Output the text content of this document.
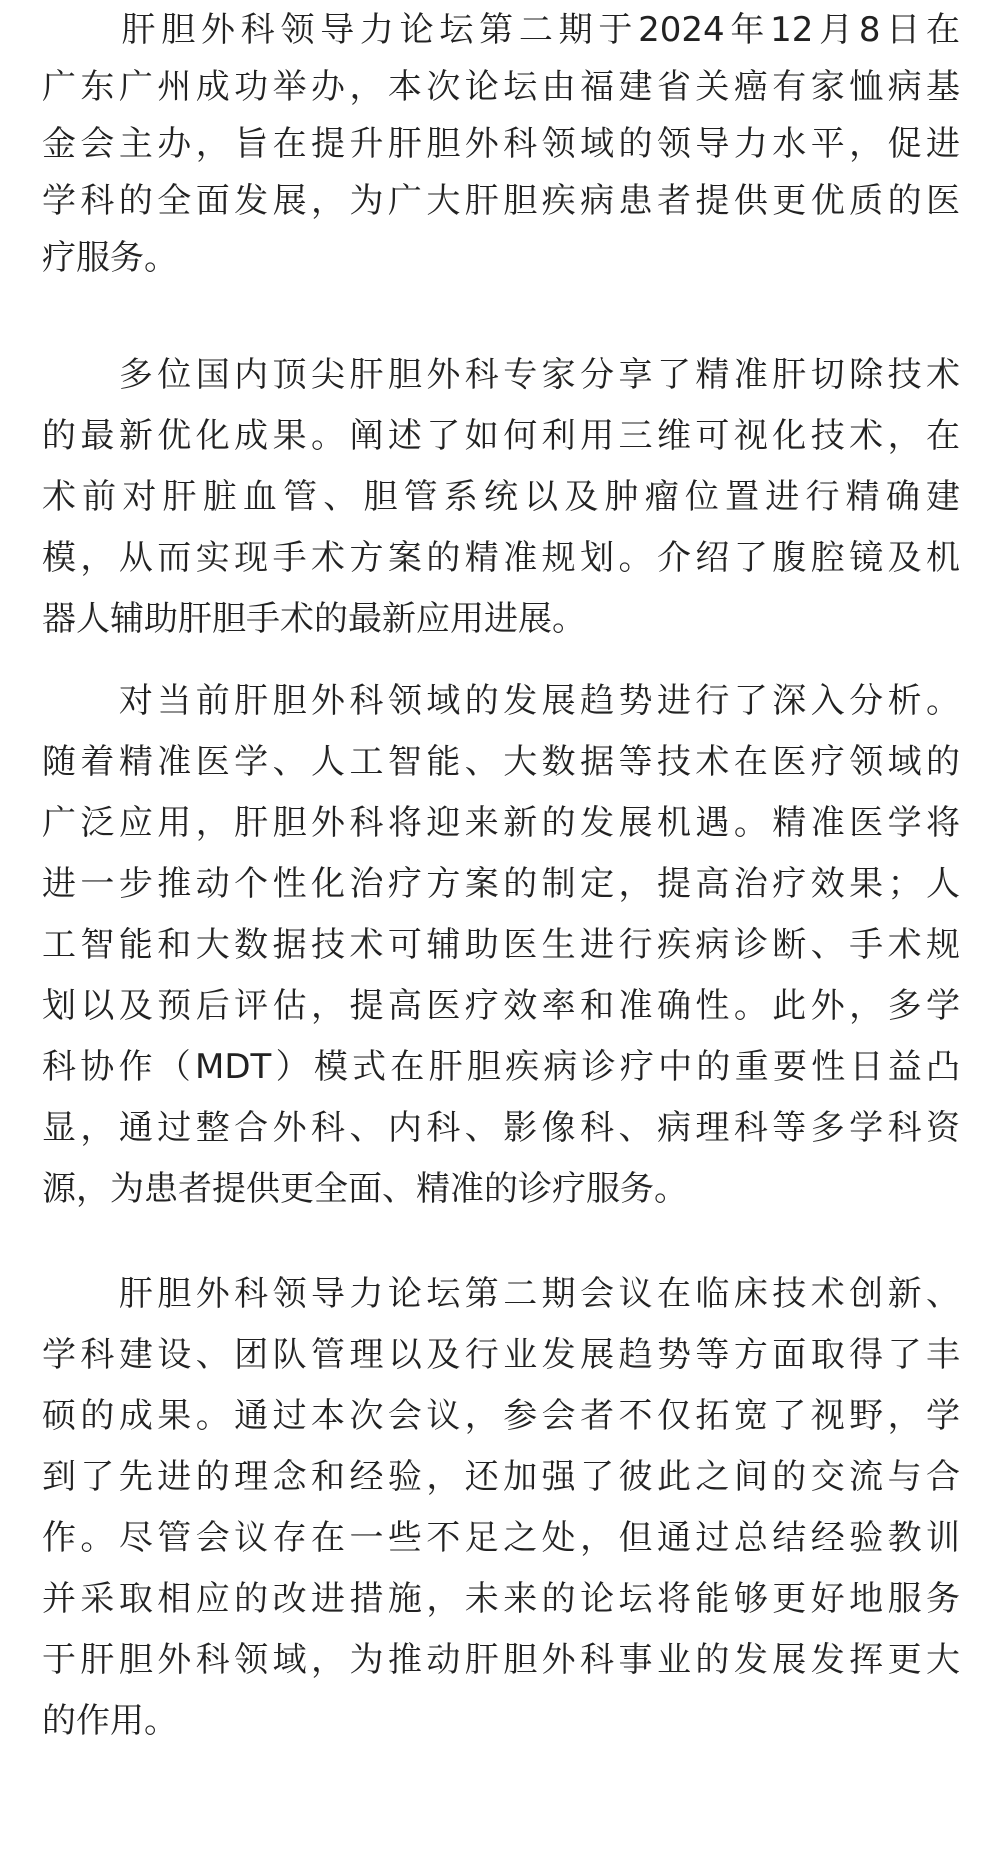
　　肝胆外科领导力论坛第二期于2024年12月8日在
广东广州成功举办，本次论坛由福建省关癌有家恤病基
金会主办，旨在提升肝胆外科领域的领导力水平，促进
学科的全面发展，为广大肝胆疾病患者提供更优质的医
疗服务。
　　多位国内顶尖肝胆外科专家分享了精准肝切除技术
的最新优化成果。阐述了如何利用三维可视化技术，在
术前对肝脏血管、胆管系统以及肿瘤位置进行精确建
模，从而实现手术方案的精准规划。介绍了腹腔镜及机
器人辅助肝胆手术的最新应用进展。
　　对当前肝胆外科领域的发展趋势进行了深入分析。
随着精准医学、人工智能、大数据等技术在医疗领域的
广泛应用，肝胆外科将迎来新的发展机遇。精准医学将
进一步推动个性化治疗方案的制定，提高治疗效果；人
工智能和大数据技术可辅助医生进行疾病诊断、手术规
划以及预后评估，提高医疗效率和准确性。此外，多学
科协作（MDT）模式在肝胆疾病诊疗中的重要性日益凸
显，通过整合外科、内科、影像科、病理科等多学科资
源，为患者提供更全面、精准的诊疗服务。
　　肝胆外科领导力论坛第二期会议在临床技术创新、
学科建设、团队管理以及行业发展趋势等方面取得了丰
硕的成果。通过本次会议，参会者不仅拓宽了视野，学
到了先进的理念和经验，还加强了彼此之间的交流与合
作。尽管会议存在一些不足之处，但通过总结经验教训
并采取相应的改进措施，未来的论坛将能够更好地服务
于肝胆外科领域，为推动肝胆外科事业的发展发挥更大
的作用。
